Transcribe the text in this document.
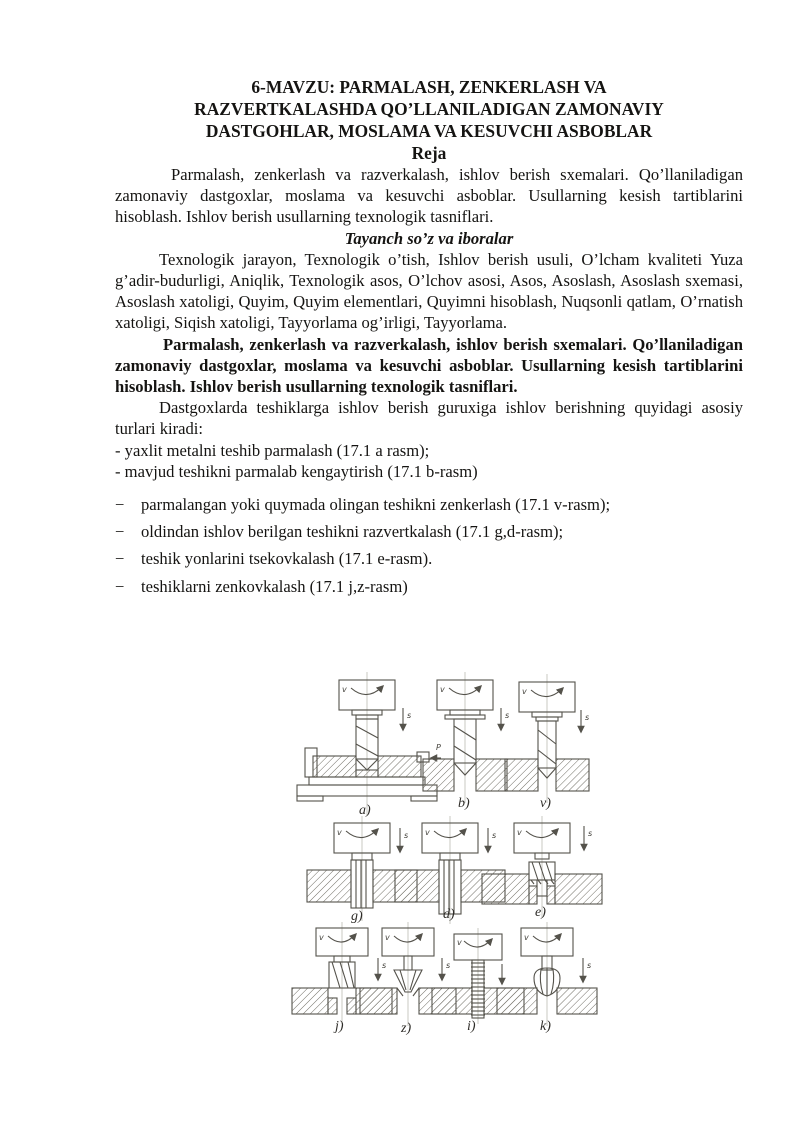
6-MAVZU: PARMALASH, ZENKERLASH VA
RAZVERTKALASHDA QO’LLANILADIGAN ZAMONAVIY
DASTGOHLAR, MOSLAMA VA KESUVCHI ASBOBLAR
Reja

Parmalash, zenkerlash va razverkalash, ishlov berish sxemalari. Qo’llaniladigan zamonaviy dastgoxlar, moslama va kesuvchi asboblar. Usullarning kesish tartiblarini hisoblash. Ishlov berish usullarning texnologik tasniflari.

Tayanch so’z va iboralar

Texnologik jarayon, Texnologik o’tish, Ishlov berish usuli, O’lcham kvaliteti Yuza g’adir-budurligi, Aniqlik, Texnologik asos, O’lchov asosi, Asos, Asoslash, Asoslash sxemasi, Asoslash xatoligi, Quyim, Quyim elementlari, Quyimni hisoblash, Nuqsonli qatlam, O’rnatish xatoligi, Siqish xatoligi, Tayyorlama og’irligi, Tayyorlama.

Parmalash, zenkerlash va razverkalash, ishlov berish sxemalari. Qo’llaniladigan zamonaviy dastgoxlar, moslama va kesuvchi asboblar. Usullarning kesish tartiblarini hisoblash. Ishlov berish usullarning texnologik tasniflari.

Dastgoxlarda teshiklarga ishlov berish guruxiga ishlov berishning quyidagi asosiy turlari kiradi:

- yaxlit metalni teshib parmalash (17.1 a rasm);

- mavjud teshikni parmalab kengaytirish (17.1 b-rasm)

−	parmalangan yoki quymada olingan teshikni zenkerlash (17.1 v-rasm);
−	oldindan ishlov berilgan teshikni razvertkalash (17.1 g,d-rasm);
−	teshik yonlarini tsekovkalash (17.1 e-rasm).
−	teshiklarni zenkovkalash (17.1 j,z-rasm)
v
s
P
a)
v
s
b)
v
s
v)
v	s
g)
v	s
d)
v	s
e)
v
s
j)
v
s
z)
v
i)
v
s
k)
